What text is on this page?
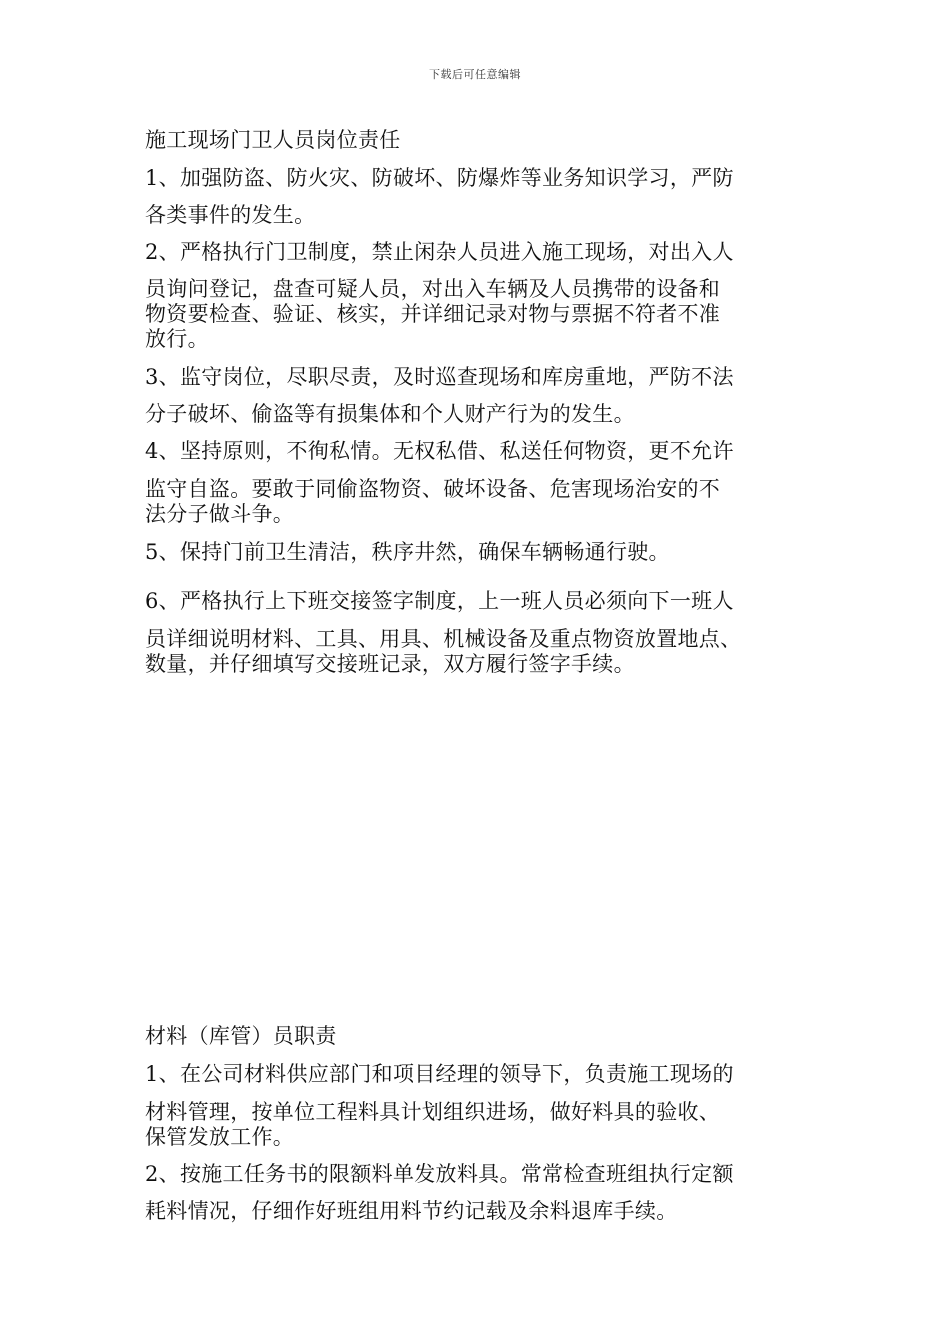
下载后可任意编辑
施工现场门卫人员岗位责任
1、加强防盗、防火灾、防破坏、防爆炸等业务知识学习，严防
各类事件的发生。
2、严格执行门卫制度，禁止闲杂人员进入施工现场，对出入人
员询问登记，盘查可疑人员，对出入车辆及人员携带的设备和
物资要检查、验证、核实，并详细记录对物与票据不符者不准
放行。
3、监守岗位，尽职尽责，及时巡查现场和库房重地，严防不法
分子破坏、偷盗等有损集体和个人财产行为的发生。
4、坚持原则，不徇私情。无权私借、私送任何物资，更不允许
监守自盗。要敢于同偷盗物资、破坏设备、危害现场治安的不
法分子做斗争。
5、保持门前卫生清洁，秩序井然，确保车辆畅通行驶。
6、严格执行上下班交接签字制度，上一班人员必须向下一班人
员详细说明材料、工具、用具、机械设备及重点物资放置地点、
数量，并仔细填写交接班记录，双方履行签字手续。
材料（库管）员职责
1、在公司材料供应部门和项目经理的领导下，负责施工现场的
材料管理，按单位工程料具计划组织进场，做好料具的验收、
保管发放工作。
2、按施工任务书的限额料单发放料具。常常检查班组执行定额
耗料情况，仔细作好班组用料节约记载及余料退库手续。
